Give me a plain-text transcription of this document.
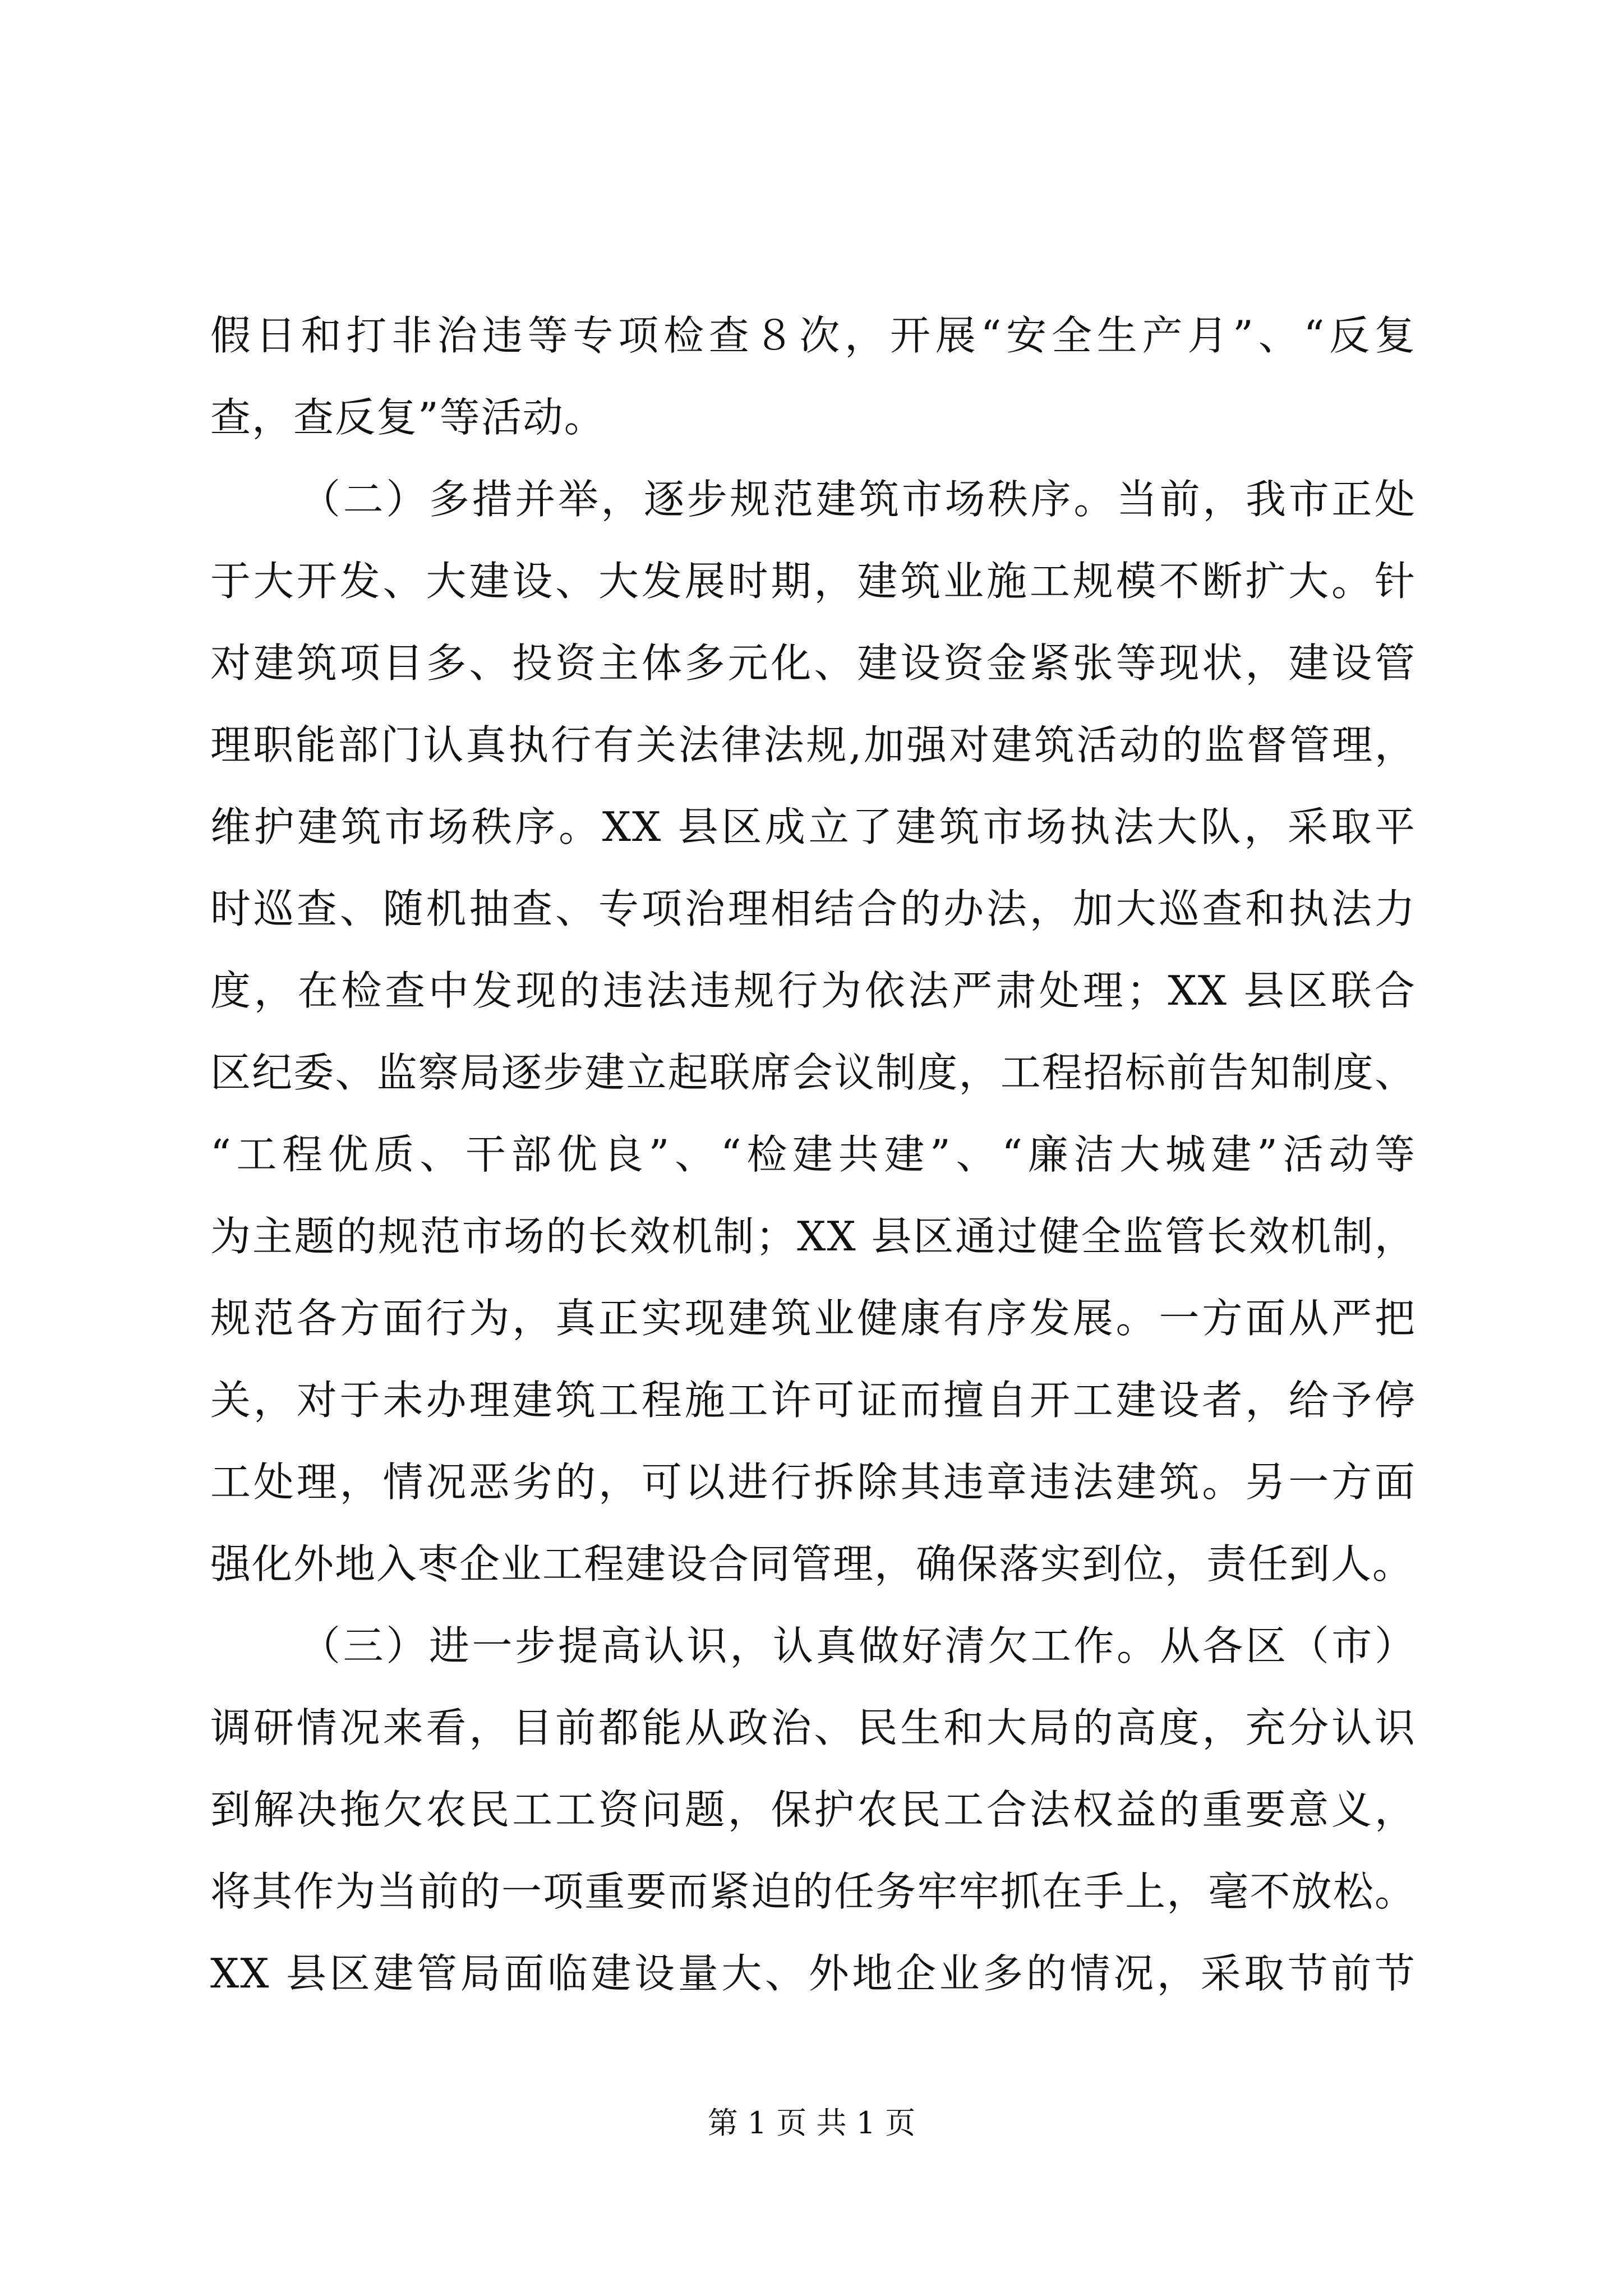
假日和打非治违等专项检查８次，开展“安全生产月”、“反复
查，查反复”等活动。
（二）多措并举，逐步规范建筑市场秩序。当前，我市正处
于大开发、大建设、大发展时期，建筑业施工规模不断扩大。针
对建筑项目多、投资主体多元化、建设资金紧张等现状，建设管
理职能部门认真执行有关法律法规,加强对建筑活动的监督管理，
维护建筑市场秩序。XX 县区成立了建筑市场执法大队，采取平
时巡查、随机抽查、专项治理相结合的办法，加大巡查和执法力
度，在检查中发现的违法违规行为依法严肃处理；XX 县区联合
区纪委、监察局逐步建立起联席会议制度，工程招标前告知制度、
“工程优质、干部优良”、“检建共建”、“廉洁大城建”活动等
为主题的规范市场的长效机制；XX 县区通过健全监管长效机制，
规范各方面行为，真正实现建筑业健康有序发展。一方面从严把
关，对于未办理建筑工程施工许可证而擅自开工建设者，给予停
工处理，情况恶劣的，可以进行拆除其违章违法建筑。另一方面
强化外地入枣企业工程建设合同管理，确保落实到位，责任到人。
（三）进一步提高认识，认真做好清欠工作。从各区（市）
调研情况来看，目前都能从政治、民生和大局的高度，充分认识
到解决拖欠农民工工资问题，保护农民工合法权益的重要意义，
将其作为当前的一项重要而紧迫的任务牢牢抓在手上，毫不放松。
XX 县区建管局面临建设量大、外地企业多的情况，采取节前节
第 1 页 共 1 页
